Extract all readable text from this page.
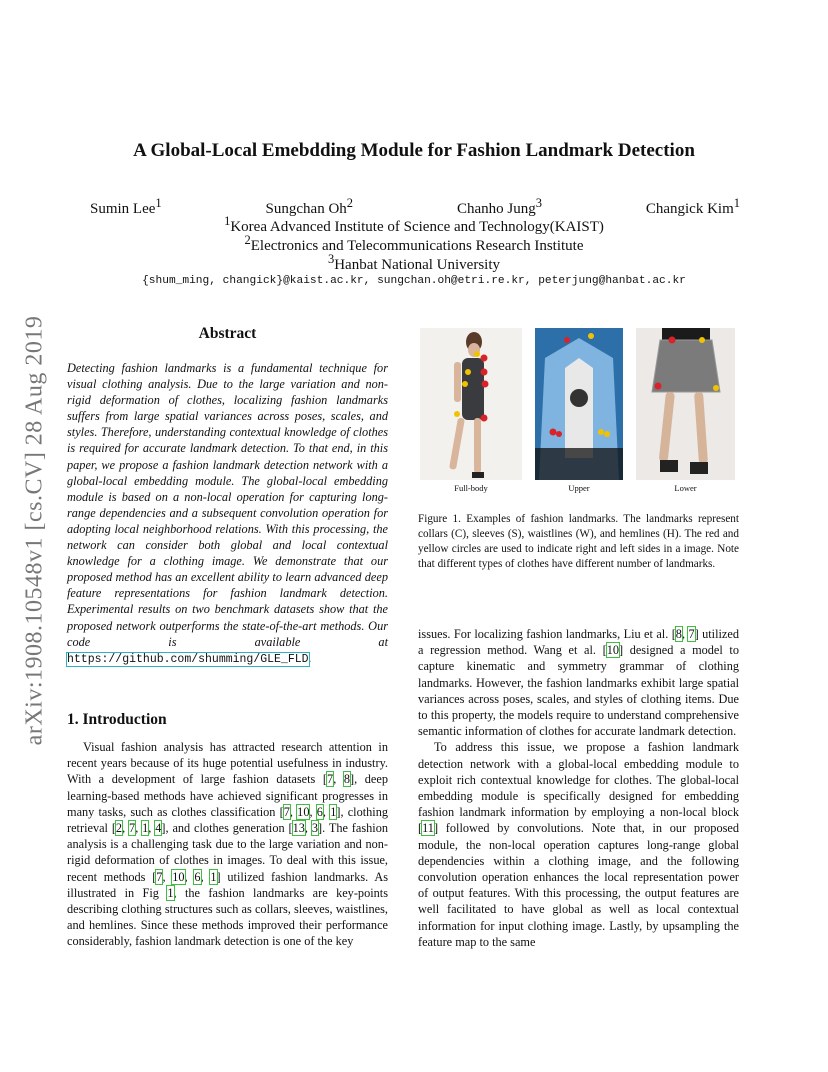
arXiv:1908.10548v1 [cs.CV] 28 Aug 2019
A Global-Local Emebdding Module for Fashion Landmark Detection
Sumin Lee$^1$	Sungchan Oh$^2$	Chanho Jung$^3$	Changick Kim$^1$
$^1$Korea Advanced Institute of Science and Technology(KAIST)
$^2$Electronics and Telecommunications Research Institute
$^3$Hanbat National University
{shum_ming, changick}@kaist.ac.kr, sungchan.oh@etri.re.kr, peterjung@hanbat.ac.kr
Abstract
Detecting fashion landmarks is a fundamental technique for visual clothing analysis. Due to the large variation and non-rigid deformation of clothes, localizing fashion landmarks suffers from large spatial variances across poses, scales, and styles. Therefore, understanding contextual knowledge of clothes is required for accurate landmark detection. To that end, in this paper, we propose a fashion landmark detection network with a global-local embedding module. The global-local embedding module is based on a non-local operation for capturing long-range dependencies and a subsequent convolution operation for adopting local neighborhood relations. With this processing, the network can consider both global and local contextual knowledge for a clothing image. We demonstrate that our proposed method has an excellent ability to learn advanced deep feature representations for fashion landmark detection. Experimental results on two benchmark datasets show that the proposed network outperforms the state-of-the-art methods. Our code is available at https://github.com/shumming/GLE_FLD.
1. Introduction

Visual fashion analysis has attracted research attention in recent years because of its huge potential usefulness in industry. With a development of large fashion datasets [7, 8], deep learning-based methods have achieved significant progresses in many tasks, such as clothes classification [7, 10, 6, 1], clothing retrieval [2, 7, 1, 4], and clothes generation [13, 3]. The fashion analysis is a challenging task due to the large variation and non-rigid deformation of clothes in images. To deal with this issue, recent methods [7, 10, 6, 1] utilized fashion landmarks. As illustrated in Fig 1, the fashion landmarks are key-points describing clothing structures such as collars, sleeves, waistlines, and hemlines. Since these methods improved their performance considerably, fashion landmark detection is one of the key

Full-body	Upper	Lower
Figure 1. Examples of fashion landmarks. The landmarks represent collars (C), sleeves (S), waistlines (W), and hemlines (H). The red and yellow circles are used to indicate right and left sides in a image. Note that different types of clothes have different number of landmarks.

issues. For localizing fashion landmarks, Liu et al. [8, 7] utilized a regression method. Wang et al. [10] designed a model to capture kinematic and symmetry grammar of clothing landmarks. However, the fashion landmarks exhibit large spatial variances across poses, scales, and styles of clothing items. Due to this property, the models require to understand comprehensive semantic information of clothes for accurate landmark detection.

To address this issue, we propose a fashion landmark detection network with a global-local embedding module to exploit rich contextual knowledge for clothes. The global-local embedding module is specifically designed for embedding fashion landmark information by employing a non-local block [11] followed by convolutions. Note that, in our proposed module, the non-local operation captures long-range global dependencies within a clothing image, and the following convolution operation enhances the local representation power of output features. With this processing, the output features are well facilitated to have global as well as local contextual information for input clothing image. Lastly, by upsampling the feature map to the same
